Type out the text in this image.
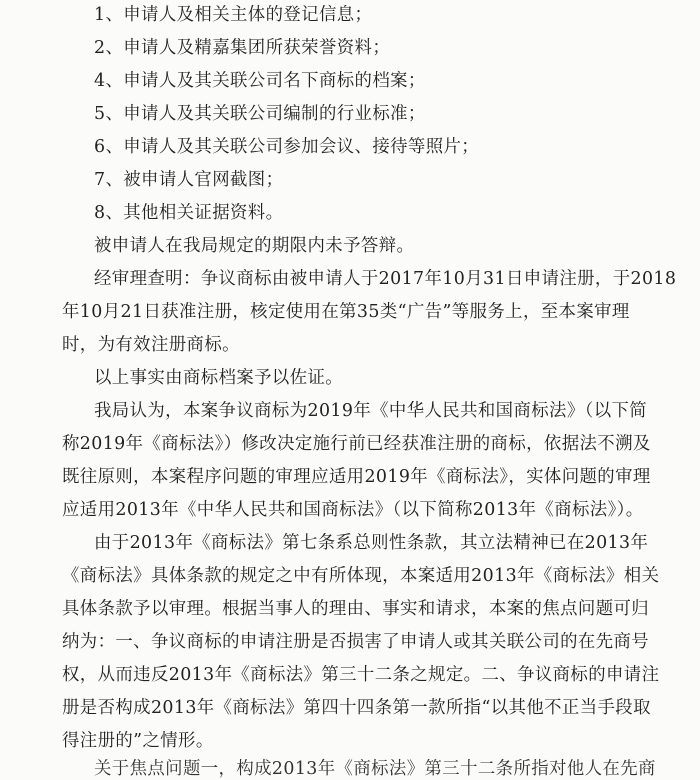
1、申请人及相关主体的登记信息；
2、申请人及精嘉集团所获荣誉资料；
4、申请人及其关联公司名下商标的档案；
5、申请人及其关联公司编制的行业标准；
6、申请人及其关联公司参加会议、接待等照片；
7、被申请人官网截图；
8、其他相关证据资料。
被申请人在我局规定的期限内未予答辩。
经审理查明：争议商标由被申请人于2017年10月31日申请注册，于2018
年10月21日获准注册，核定使用在第35类“广告”等服务上，至本案审理
时，为有效注册商标。
以上事实由商标档案予以佐证。
我局认为，本案争议商标为2019年《中华人民共和国商标法》（以下简
称2019年《商标法》）修改决定施行前已经获准注册的商标，依据法不溯及
既往原则，本案程序问题的审理应适用2019年《商标法》，实体问题的审理
应适用2013年《中华人民共和国商标法》（以下简称2013年《商标法》）。
由于2013年《商标法》第七条系总则性条款，其立法精神已在2013年
《商标法》具体条款的规定之中有所体现，本案适用2013年《商标法》相关
具体条款予以审理。根据当事人的理由、事实和请求，本案的焦点问题可归
纳为：一、争议商标的申请注册是否损害了申请人或其关联公司的在先商号
权，从而违反2013年《商标法》第三十二条之规定。二、争议商标的申请注
册是否构成2013年《商标法》第四十四条第一款所指“以其他不正当手段取
得注册的”之情形。
关于焦点问题一，构成2013年《商标法》第三十二条所指对他人在先商
